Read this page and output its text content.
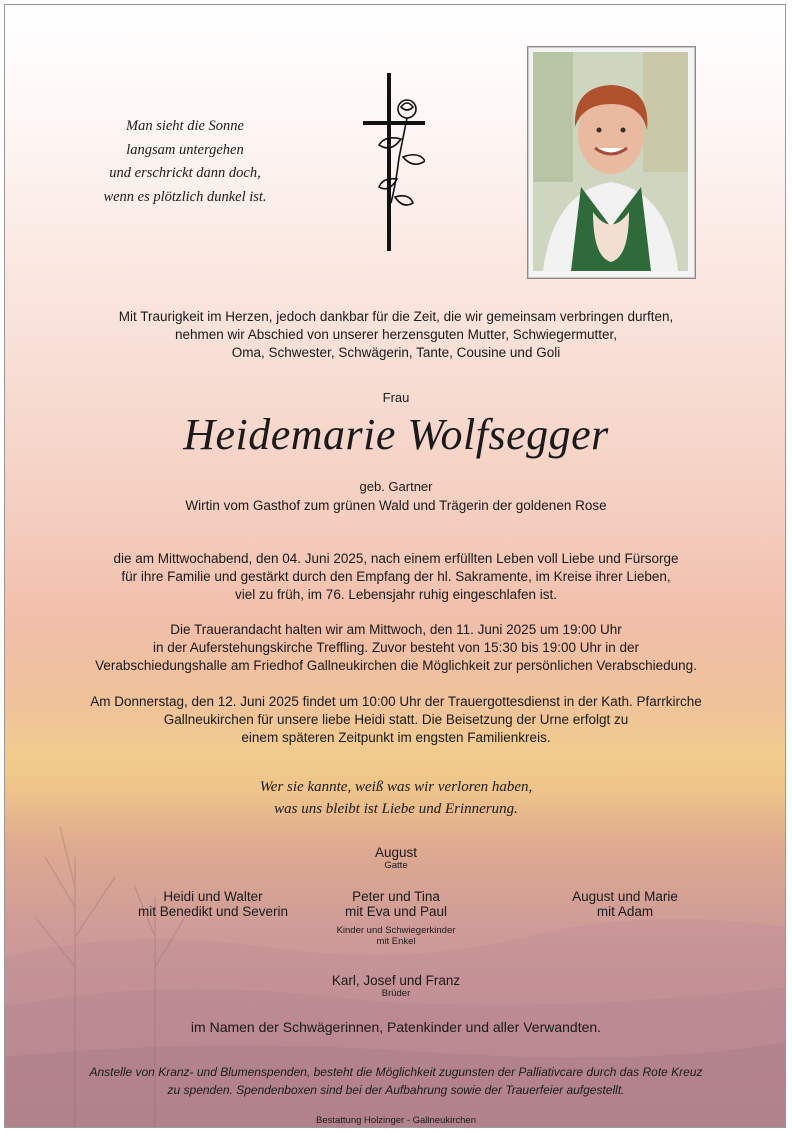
Man sieht die Sonne
langsam untergehen
und erschrickt dann doch,
wenn es plötzlich dunkel ist.
Mit Traurigkeit im Herzen, jedoch dankbar für die Zeit, die wir gemeinsam verbringen durften,
nehmen wir Abschied von unserer herzensguten Mutter, Schwiegermutter,
Oma, Schwester, Schwägerin, Tante, Cousine und Goli
Frau
Heidemarie Wolfsegger
geb. Gartner
Wirtin vom Gasthof zum grünen Wald und Trägerin der goldenen Rose
die am Mittwochabend, den 04. Juni 2025, nach einem erfüllten Leben voll Liebe und Fürsorge
für ihre Familie und gestärkt durch den Empfang der hl. Sakramente, im Kreise ihrer Lieben,
viel zu früh, im 76. Lebensjahr ruhig eingeschlafen ist.
Die Trauerandacht halten wir am Mittwoch, den 11. Juni 2025 um 19:00 Uhr
in der Auferstehungskirche Treffling. Zuvor besteht von 15:30 bis 19:00 Uhr in der
Verabschiedungshalle am Friedhof Gallneukirchen die Möglichkeit zur persönlichen Verabschiedung.
Am Donnerstag, den 12. Juni 2025 findet um 10:00 Uhr der Trauergottesdienst in der Kath. Pfarrkirche
Gallneukirchen für unsere liebe Heidi statt. Die Beisetzung der Urne erfolgt zu
einem späteren Zeitpunkt im engsten Familienkreis.
Wer sie kannte, weiß was wir verloren haben,
was uns bleibt ist Liebe und Erinnerung.
August
Gatte
Heidi und Walter
mit Benedikt und Severin
Peter und Tina
mit Eva und Paul
Kinder und Schwiegerkinder
mit Enkel
August und Marie
mit Adam
Karl, Josef und Franz
Brüder
im Namen der Schwägerinnen, Patenkinder und aller Verwandten.
Anstelle von Kranz- und Blumenspenden, besteht die Möglichkeit zugunsten der Palliativcare durch das Rote Kreuz
zu spenden. Spendenboxen sind bei der Aufbahrung sowie der Trauerfeier aufgestellt.
Bestattung Holzinger - Gallneukirchen
